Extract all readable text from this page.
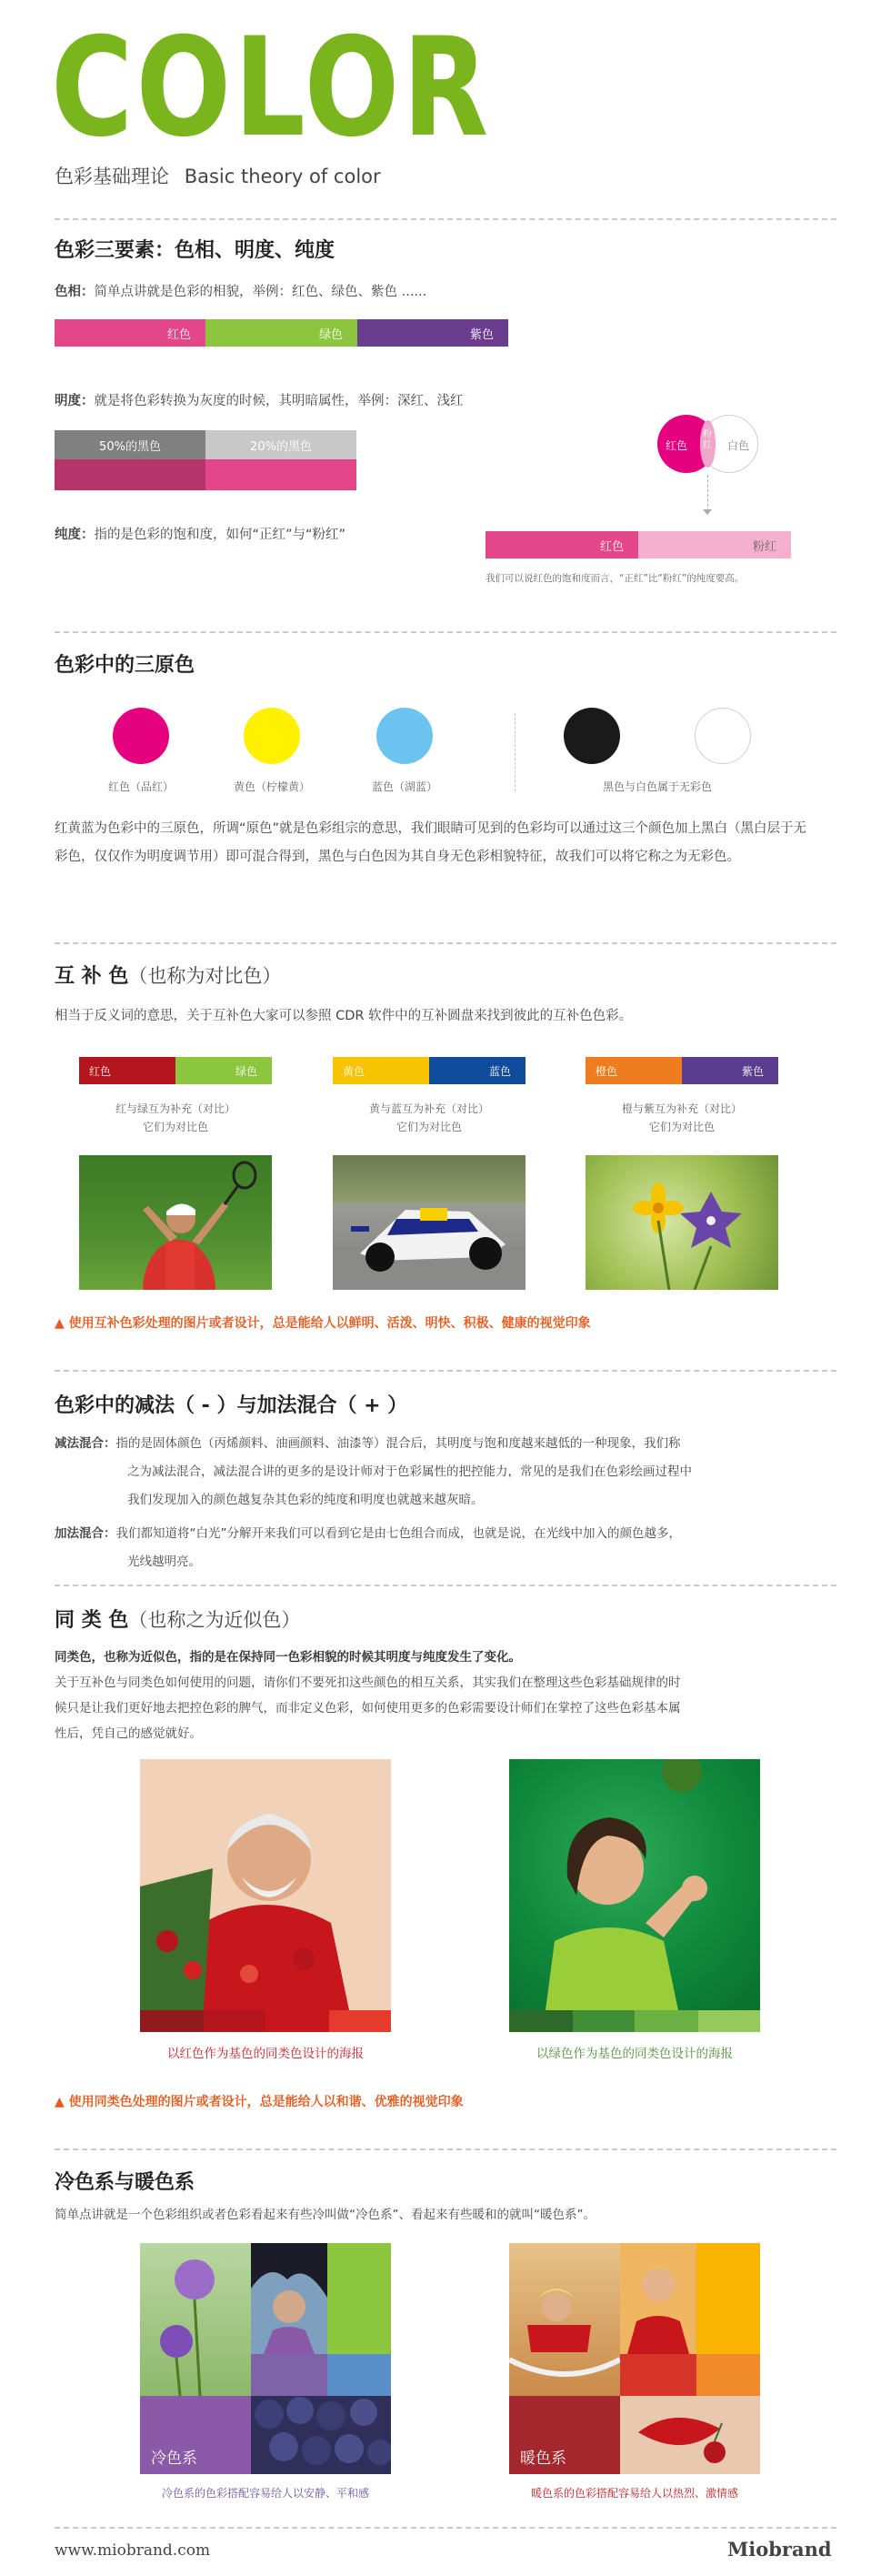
COLOR
色彩基础理论 Basic theory of color
色彩三要素：色相、明度、纯度
色相：简单点讲就是色彩的相貌，举例：红色、绿色、紫色 ......
红色	绿色	紫色
明度：就是将色彩转换为灰度的时候，其明暗属性，举例：深红、浅红
50%的黑色	20%的黑色	红色
粉红 白色
纯度：指的是色彩的饱和度，如何“正红”与“粉红”
红色	粉红
我们可以说红色的饱和度而言，“正红”比“粉红”的纯度要高。
色彩中的三原色
红色（品红）	黄色（柠檬黄）	蓝色（湖蓝）	黑色与白色属于无彩色
红黄蓝为色彩中的三原色，所调“原色”就是色彩组宗的意思，我们眼睛可见到的色彩均可以通过这三个颜色加上黑白（黑白层于无彩色，仅仅作为明度调节用）即可混合得到，黑色与白色因为其自身无色彩相貌特征，故我们可以将它称之为无彩色。
互 补 色（也称为对比色）
相当于反义词的意思，关于互补色大家可以参照 CDR 软件中的互补圆盘来找到彼此的互补色色彩。
红色	绿色
红与绿互为补充（对比）
它们为对比色
黄色	蓝色
黄与蓝互为补充（对比）
它们为对比色
橙色	紫色
橙与紫互为补充（对比）
它们为对比色
▲ 使用互补色彩处理的图片或者设计，总是能给人以鲜明、活泼、明快、积极、健康的视觉印象
色彩中的减法（ - ）与加法混合（ + ）
减法混合：指的是固体颜色（丙烯颜料、油画颜料、油漆等）混合后，其明度与饱和度越来越低的一种现象，我们称
之为减法混合，减法混合讲的更多的是设计师对于色彩属性的把控能力，常见的是我们在色彩绘画过程中
我们发现加入的颜色越复杂其色彩的纯度和明度也就越来越灰暗。
加法混合：我们都知道将“白光”分解开来我们可以看到它是由七色组合而成，也就是说，在光线中加入的颜色越多，
光线越明亮。
同 类 色（也称之为近似色）
同类色，也称为近似色，指的是在保持同一色彩相貌的时候其明度与纯度发生了变化。
关于互补色与同类色如何使用的问题，请你们不要死扣这些颜色的相互关系，其实我们在整理这些色彩基础规律的时
候只是让我们更好地去把控色彩的脾气，而非定义色彩，如何使用更多的色彩需要设计师们在掌控了这些色彩基本属
性后，凭自己的感觉就好。
以红色作为基色的同类色设计的海报	以绿色作为基色的同类色设计的海报
▲ 使用同类色处理的图片或者设计，总是能给人以和谐、优雅的视觉印象
冷色系与暖色系
简单点讲就是一个色彩组织或者色彩看起来有些冷叫做“冷色系”、看起来有些暖和的就叫“暖色系”。
冷色系
冷色系的色彩搭配容易给人以安静、平和感
暖色系
暖色系的色彩搭配容易给人以热烈、激情感
www.miobrand.com	Miobrand
